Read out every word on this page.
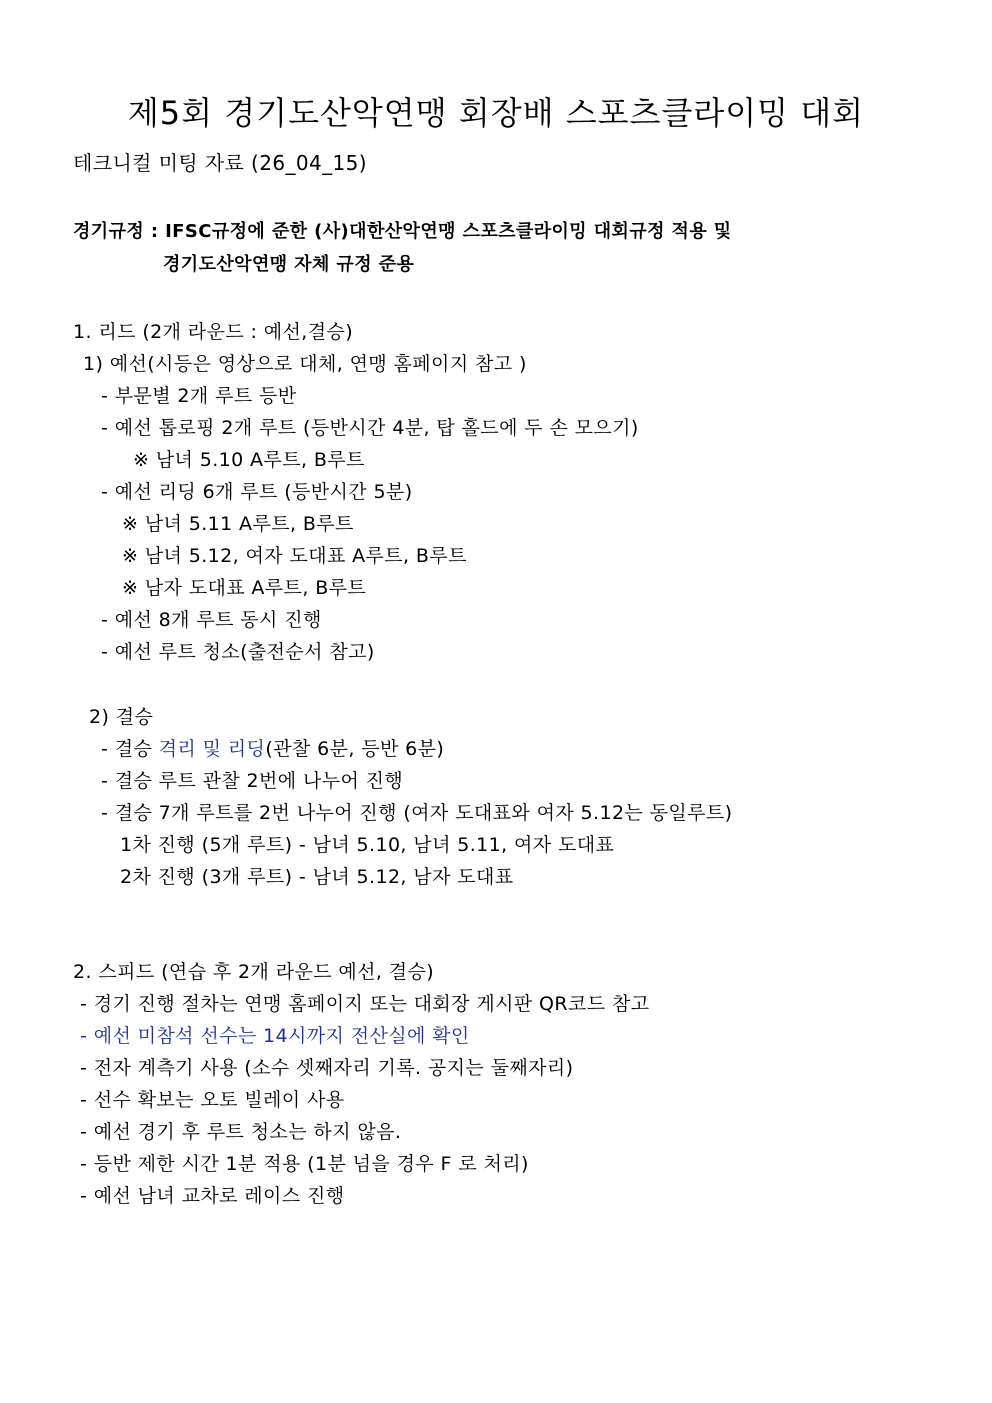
제5회 경기도산악연맹 회장배 스포츠클라이밍 대회
테크니컬 미팅 자료 (26_04_15)
경기규정 : IFSC규정에 준한 (사)대한산악연맹 스포츠클라이밍 대회규정 적용 및
경기도산악연맹 자체 규정 준용
1. 리드 (2개 라운드 : 예선,결승)
1) 예선(시등은 영상으로 대체, 연맹 홈페이지 참고 )
- 부문별 2개 루트 등반
- 예선 톱로핑 2개 루트 (등반시간 4분, 탑 홀드에 두 손 모으기)
※ 남녀 5.10 A루트, B루트
- 예선 리딩 6개 루트 (등반시간 5분)
※ 남녀 5.11 A루트, B루트
※ 남녀 5.12, 여자 도대표 A루트, B루트
※ 남자 도대표 A루트, B루트
- 예선 8개 루트 동시 진행
- 예선 루트 청소(출전순서 참고)
2) 결승
- 결승 격리 및 리딩(관찰 6분, 등반 6분)
- 결승 루트 관찰 2번에 나누어 진행
- 결승 7개 루트를 2번 나누어 진행 (여자 도대표와 여자 5.12는 동일루트)
1차 진행 (5개 루트) - 남녀 5.10, 남녀 5.11, 여자 도대표
2차 진행 (3개 루트) - 남녀 5.12, 남자 도대표
2. 스피드 (연습 후 2개 라운드 예선, 결승)
- 경기 진행 절차는 연맹 홈페이지 또는 대회장 게시판 QR코드 참고
- 예선 미참석 선수는 14시까지 전산실에 확인
- 전자 계측기 사용 (소수 셋째자리 기록. 공지는 둘째자리)
- 선수 확보는 오토 빌레이 사용
- 예선 경기 후 루트 청소는 하지 않음.
- 등반 제한 시간 1분 적용 (1분 넘을 경우 F 로 처리)
- 예선 남녀 교차로 레이스 진행
